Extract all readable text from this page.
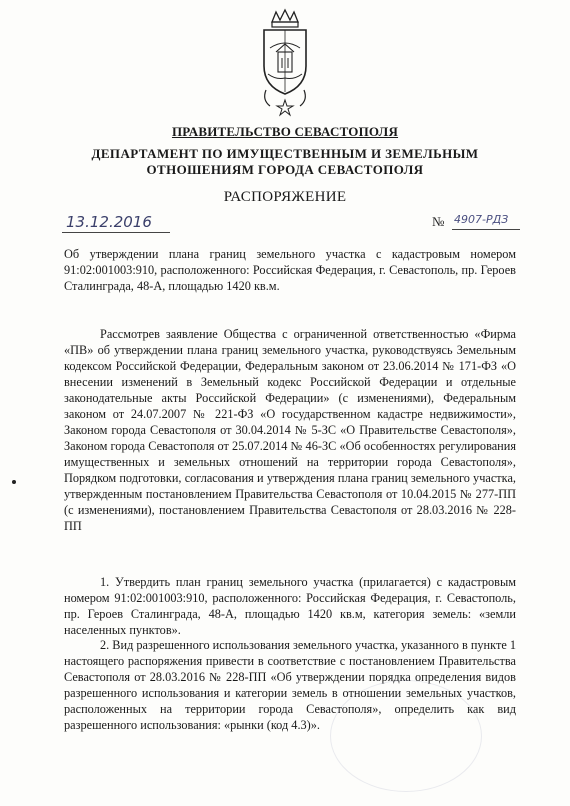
ПРАВИТЕЛЬСТВО СЕВАСТОПОЛЯ
ДЕПАРТАМЕНТ ПО ИМУЩЕСТВЕННЫМ И ЗЕМЕЛЬНЫМ
ОТНОШЕНИЯМ ГОРОДА СЕВАСТОПОЛЯ
РАСПОРЯЖЕНИЕ
13.12.2016	№ 4907-РДЗ
Об утверждении плана границ земельного участка с кадастровым номером 91:02:001003:910, расположенного: Российская Федерация, г. Севастополь, пр. Героев Сталинграда, 48-А, площадью 1420 кв.м.
Рассмотрев заявление Общества с ограниченной ответственностью «Фирма «ПВ» об утверждении плана границ земельного участка, руководствуясь Земельным кодексом Российской Федерации, Федеральным законом от 23.06.2014 № 171-ФЗ «О внесении изменений в Земельный кодекс Российской Федерации и отдельные законодательные акты Российской Федерации» (с изменениями), Федеральным законом от 24.07.2007 № 221-ФЗ «О государственном кадастре недвижимости», Законом города Севастополя от 30.04.2014 № 5-ЗС «О Правительстве Севастополя», Законом города Севастополя от 25.07.2014 № 46-ЗС «Об особенностях регулирования имущественных и земельных отношений на территории города Севастополя», Порядком подготовки, согласования и утверждения плана границ земельного участка, утвержденным постановлением Правительства Севастополя от 10.04.2015 № 277-ПП (с изменениями), постановлением Правительства Севастополя от 28.03.2016 № 228-ПП
1. Утвердить план границ земельного участка (прилагается) с кадастровым номером 91:02:001003:910, расположенного: Российская Федерация, г. Севастополь, пр. Героев Сталинграда, 48-А, площадью 1420 кв.м, категория земель: «земли населенных пунктов».
2. Вид разрешенного использования земельного участка, указанного в пункте 1 настоящего распоряжения привести в соответствие с постановлением Правительства Севастополя от 28.03.2016 № 228-ПП «Об утверждении порядка определения видов разрешенного использования и категории земель в отношении земельных участков, расположенных на территории города Севастополя», определить как вид разрешенного использования: «рынки (код 4.3)».
